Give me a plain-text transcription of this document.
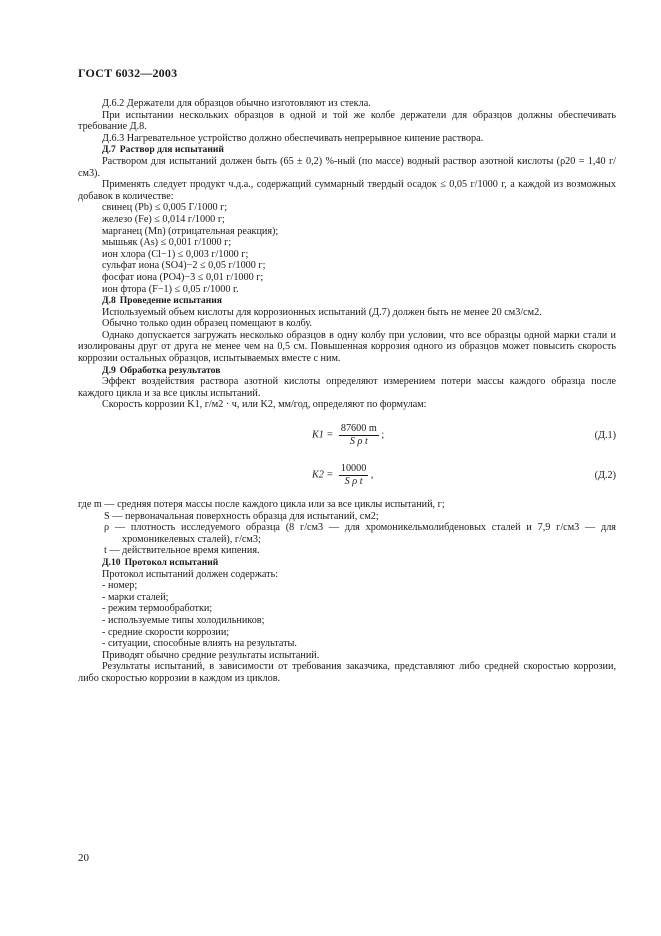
ГОСТ 6032—2003

Д.6.2 Держатели для образцов обычно изготовляют из стекла.

При испытании нескольких образцов в одной и той же колбе держатели для образцов должны обеспечивать требование Д.8.

Д.6.3 Нагревательное устройство должно обеспечивать непрерывное кипение раствора.

Д.7 Раствор для испытаний

Раствором для испытаний должен быть (65 ± 0,2) %-ный (по массе) водный раствор азотной кислоты (ρ20 = 1,40 г/см3).

Применять следует продукт ч.д.а., содержащий суммарный твердый осадок ≤ 0,05 г/1000 г, а каждой из возможных добавок в количестве:

свинец (Pb) ≤ 0,005 Г/1000 г;
железо (Fe) ≤ 0,014 г/1000 г;
марганец (Mn) (отрицательная реакция);
мышьяк (As) ≤ 0,001 г/1000 г;
ион хлора (Cl−1) ≤ 0,003 г/1000 г;
сульфат иона (SO4)−2 ≤ 0,05 г/1000 г;
фосфат иона (PO4)−3 ≤ 0,01 г/1000 г;
ион фтора (F−1) ≤ 0,05 г/1000 г.
Д.8 Проведение испытания

Используемый объем кислоты для коррозионных испытаний (Д.7) должен быть не менее 20 см3/см2.

Обычно только один образец помещают в колбу.

Однако допускается загружать несколько образцов в одну колбу при условии, что все образцы одной марки стали и изолированы друг от друга не менее чем на 0,5 см. Повышенная коррозия одного из образцов может повысить скорость коррозии остальных образцов, испытываемых вместе с ним.

Д.9 Обработка результатов

Эффект воздействия раствора азотной кислоты определяют измерением потери массы каждого образца после каждого цикла и за все циклы испытаний.

Скорость коррозии K1, г/м2 · ч, или K2, мм/год, определяют по формулам:

$K1 = \frac{87600 m}{\text{S ρ t}}$ ;	(Д.1)
$K2 = \frac{10000}{\text{S ρ t}}$ ,	(Д.2)

где m — средняя потеря массы после каждого цикла или за все циклы испытаний, г;

S — первоначальная поверхность образца для испытаний, см2;
ρ — плотность исследуемого образца (8 г/см3 — для хромоникельмолибденовых сталей и 7,9 г/см3 — для хромоникелевых сталей), г/см3;
t — действительное время кипения.
Д.10 Протокол испытаний

Протокол испытаний должен содержать:

- номер;
- марки сталей;
- режим термообработки;
- используемые типы холодильников;
- средние скорости коррозии;
- ситуации, способные влиять на результаты.

Приводят обычно средние результаты испытаний.

Результаты испытаний, в зависимости от требования заказчика, представляют либо средней скоростью коррозии, либо скоростью коррозии в каждом из циклов.

20
